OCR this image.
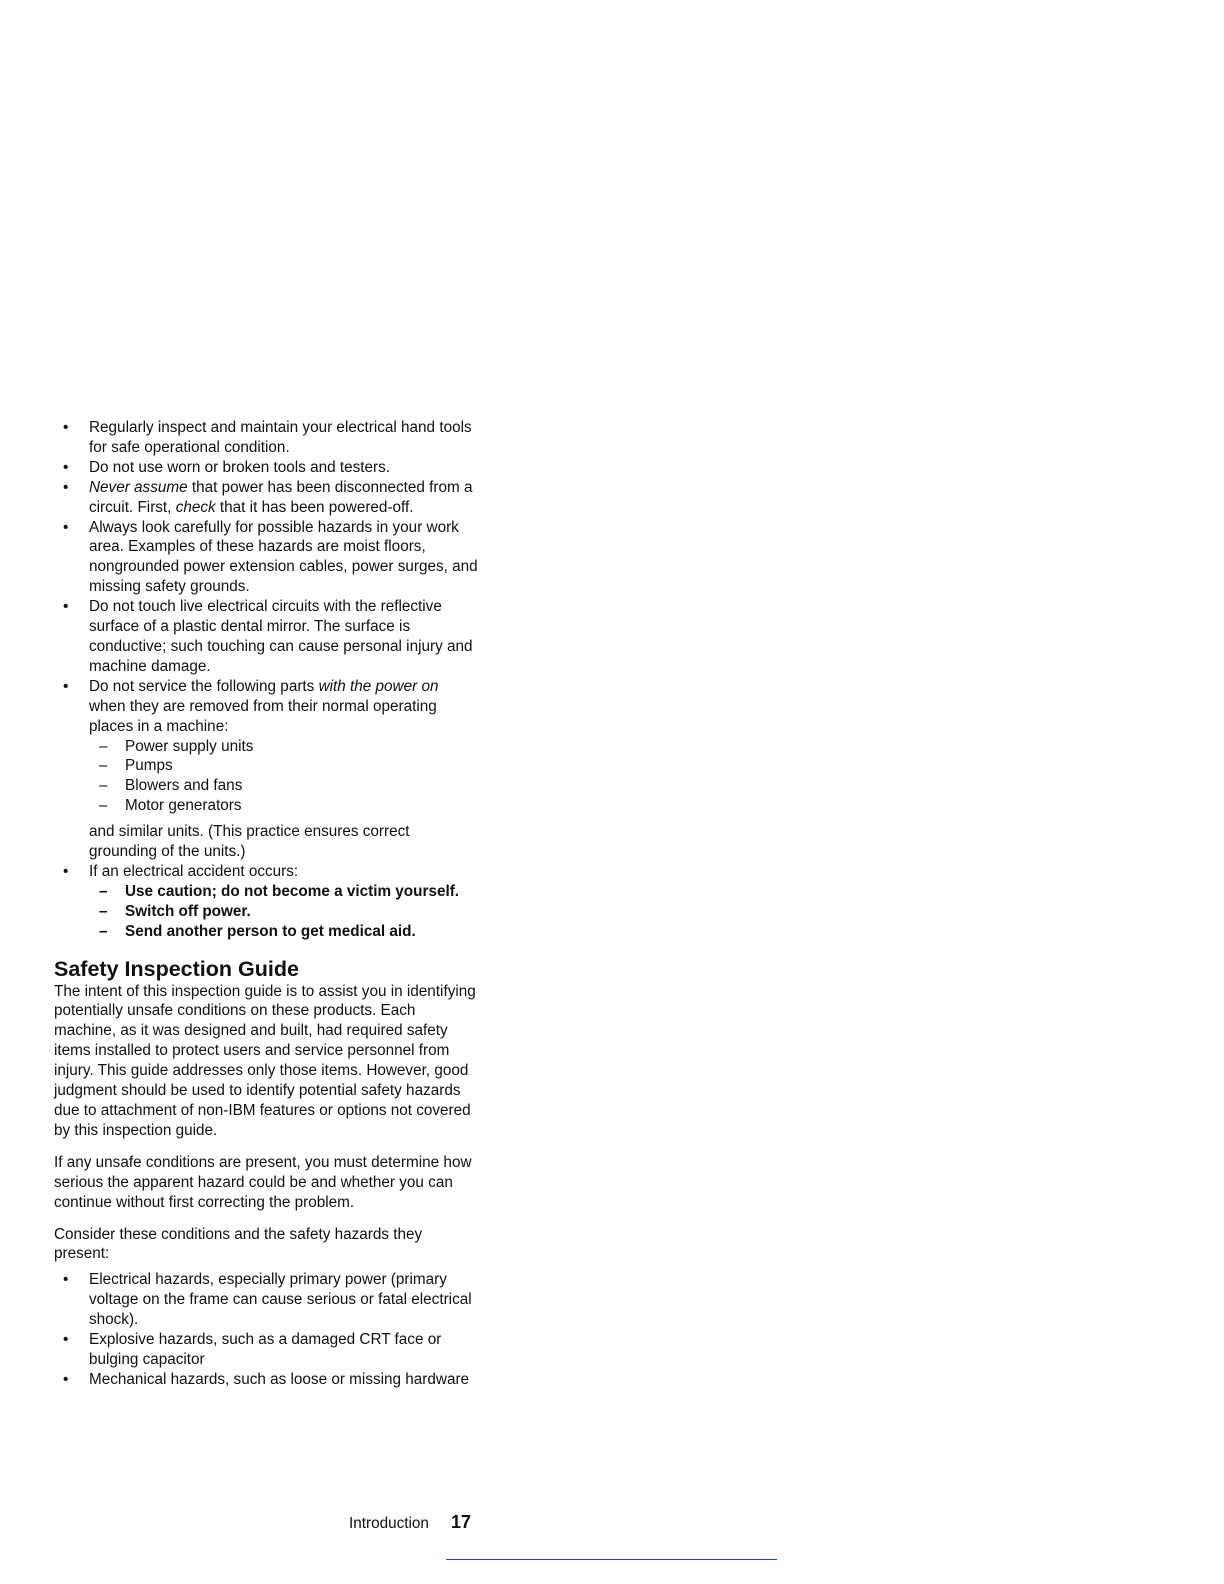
• Regularly inspect and maintain your electrical hand tools for safe operational condition.
• Do not use worn or broken tools and testers.
• Never assume that power has been disconnected from a circuit. First, check that it has been powered-off.
• Always look carefully for possible hazards in your work area. Examples of these hazards are moist floors, nongrounded power extension cables, power surges, and missing safety grounds.
• Do not touch live electrical circuits with the reflective surface of a plastic dental mirror. The surface is conductive; such touching can cause personal injury and machine damage.
• Do not service the following parts with the power on when they are removed from their normal operating places in a machine:
– Power supply units
– Pumps
– Blowers and fans
– Motor generators
and similar units. (This practice ensures correct grounding of the units.)
• If an electrical accident occurs:
– Use caution; do not become a victim yourself.
– Switch off power.
– Send another person to get medical aid.
Safety Inspection Guide

The intent of this inspection guide is to assist you in identifying potentially unsafe conditions on these products. Each machine, as it was designed and built, had required safety items installed to protect users and service personnel from injury. This guide addresses only those items. However, good judgment should be used to identify potential safety hazards due to attachment of non-IBM features or options not covered by this inspection guide.

If any unsafe conditions are present, you must determine how serious the apparent hazard could be and whether you can continue without first correcting the problem.

Consider these conditions and the safety hazards they present:

• Electrical hazards, especially primary power (primary voltage on the frame can cause serious or fatal electrical shock).
• Explosive hazards, such as a damaged CRT face or bulging capacitor
• Mechanical hazards, such as loose or missing hardware
Introduction 17
